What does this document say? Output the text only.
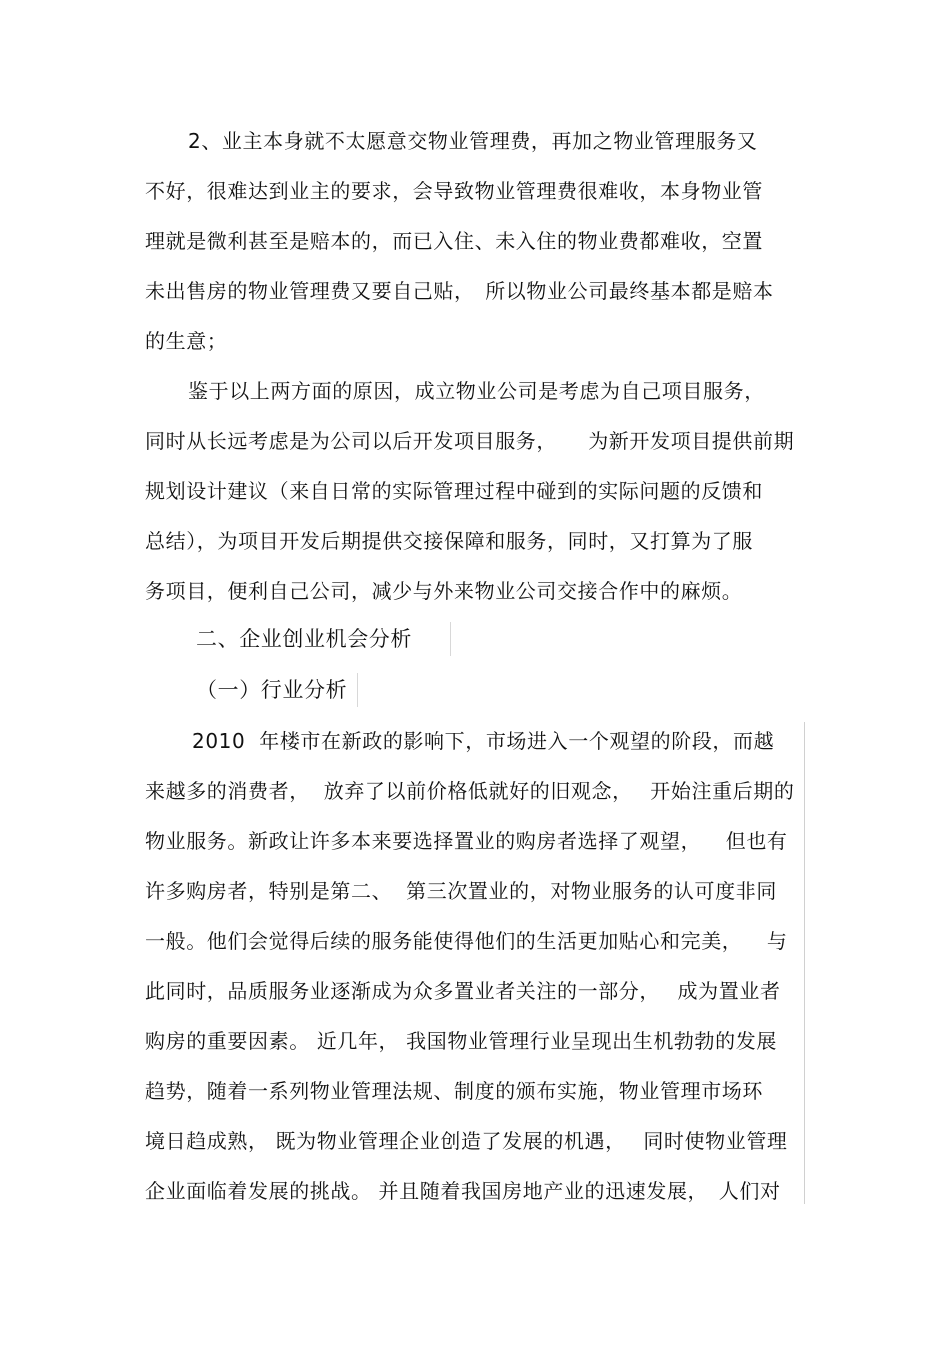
2、业主本身就不太愿意交物业管理费，再加之物业管理服务又
不好，很难达到业主的要求，会导致物业管理费很难收，本身物业管
理就是微利甚至是赔本的，而已入住、未入住的物业费都难收，空置
未出售房的物业管理费又要自己贴，　所以物业公司最终基本都是赔本
的生意；
鉴于以上两方面的原因，成立物业公司是考虑为自己项目服务，
同时从长远考虑是为公司以后开发项目服务，　　为新开发项目提供前期
规划设计建议（来自日常的实际管理过程中碰到的实际问题的反馈和
总结），为项目开发后期提供交接保障和服务，同时，又打算为了服
务项目，便利自己公司，减少与外来物业公司交接合作中的麻烦。
二、企业创业机会分析
（一）行业分析
2010  年楼市在新政的影响下，市场进入一个观望的阶段，而越
来越多的消费者，  放弃了以前价格低就好的旧观念，　 开始注重后期的
物业服务。新政让许多本来要选择置业的购房者选择了观望，　  但也有
许多购房者，特别是第二、  第三次置业的，对物业服务的认可度非同
一般。他们会觉得后续的服务能使得他们的生活更加贴心和完美，　  与
此同时，品质服务业逐渐成为众多置业者关注的一部分，　 成为置业者
购房的重要因素。 近几年， 我国物业管理行业呈现出生机勃勃的发展
趋势，随着一系列物业管理法规、制度的颁布实施，物业管理市场环
境日趋成熟， 既为物业管理企业创造了发展的机遇，　 同时使物业管理
企业面临着发展的挑战。 并且随着我国房地产业的迅速发展，　人们对
